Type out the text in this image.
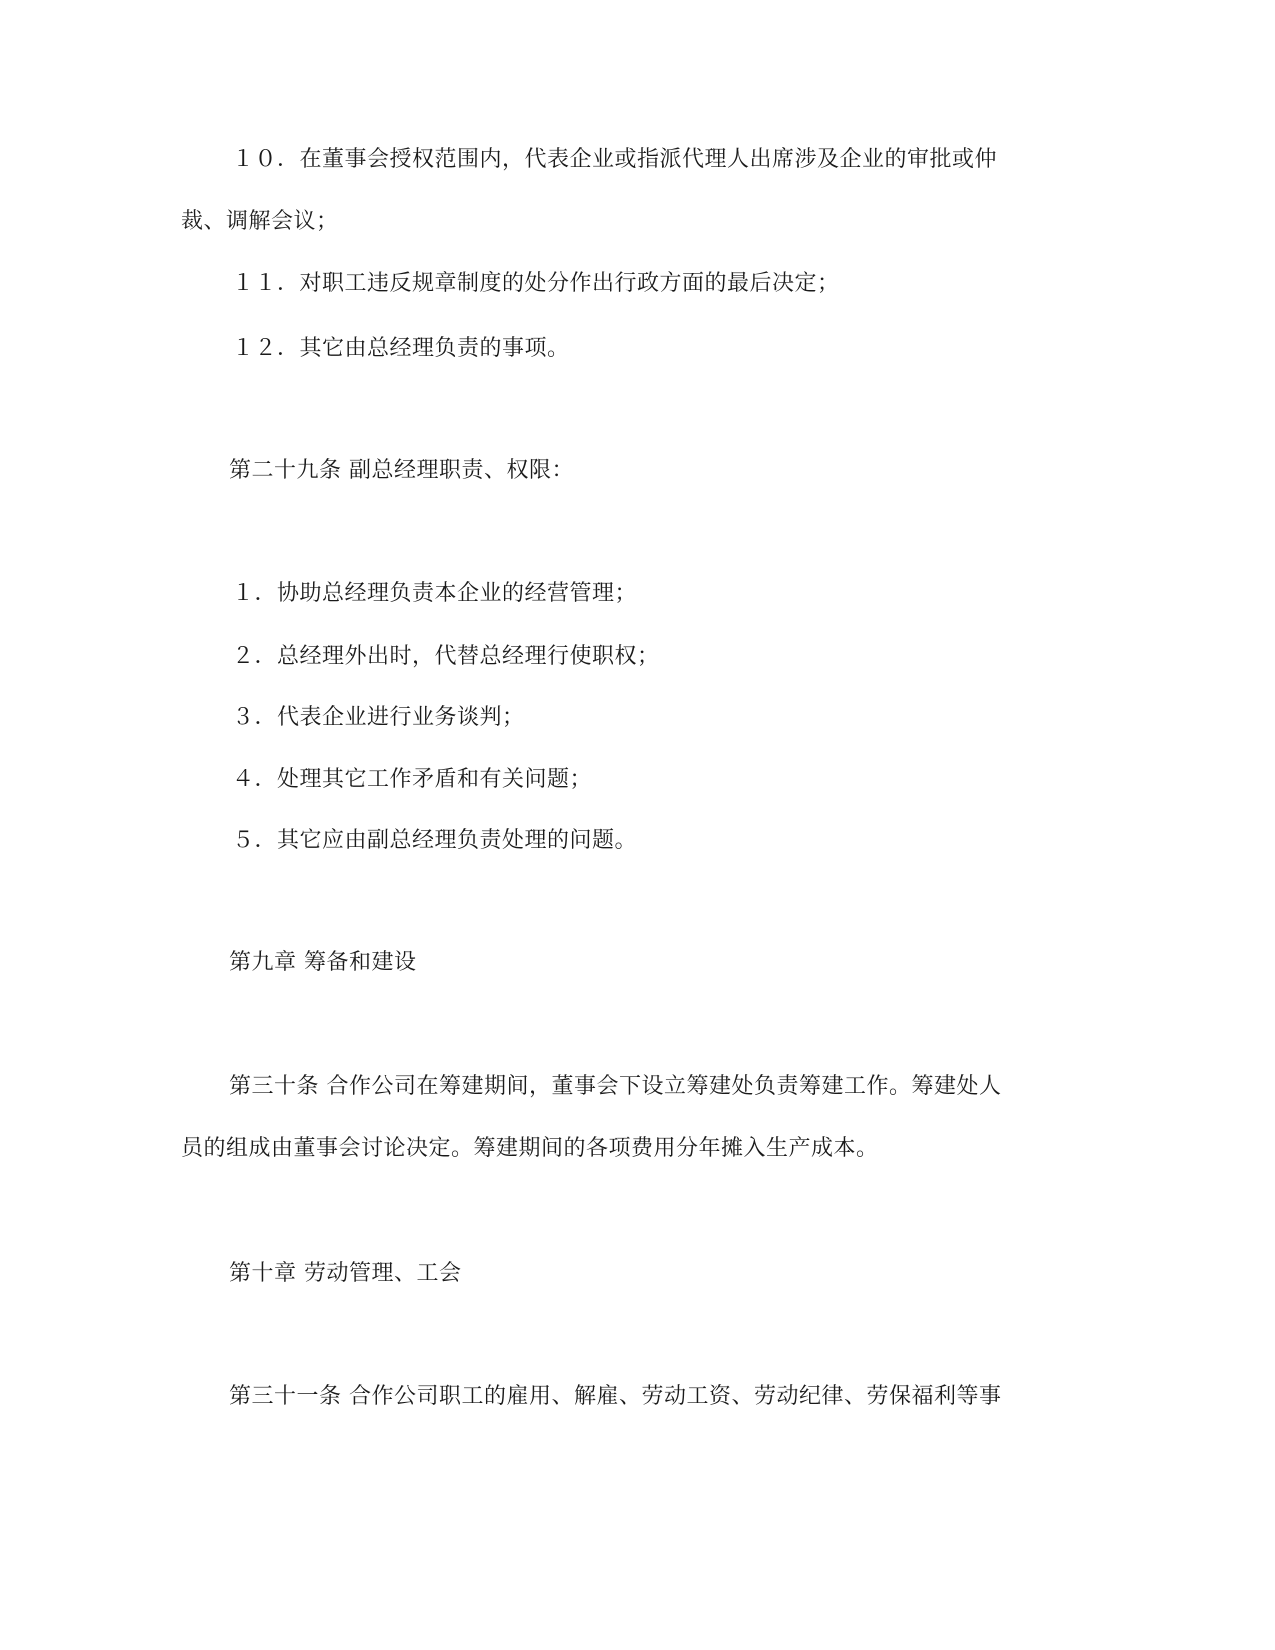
１０．在董事会授权范围内，代表企业或指派代理人出席涉及企业的审批或仲
裁、调解会议；
１１．对职工违反规章制度的处分作出行政方面的最后决定；
１２．其它由总经理负责的事项。
第二十九条 副总经理职责、权限：
１．协助总经理负责本企业的经营管理；
２．总经理外出时，代替总经理行使职权；
３．代表企业进行业务谈判；
４．处理其它工作矛盾和有关问题；
５．其它应由副总经理负责处理的问题。
第九章 筹备和建设
第三十条 合作公司在筹建期间，董事会下设立筹建处负责筹建工作。筹建处人
员的组成由董事会讨论决定。筹建期间的各项费用分年摊入生产成本。
第十章 劳动管理、工会
第三十一条 合作公司职工的雇用、解雇、劳动工资、劳动纪律、劳保福利等事
